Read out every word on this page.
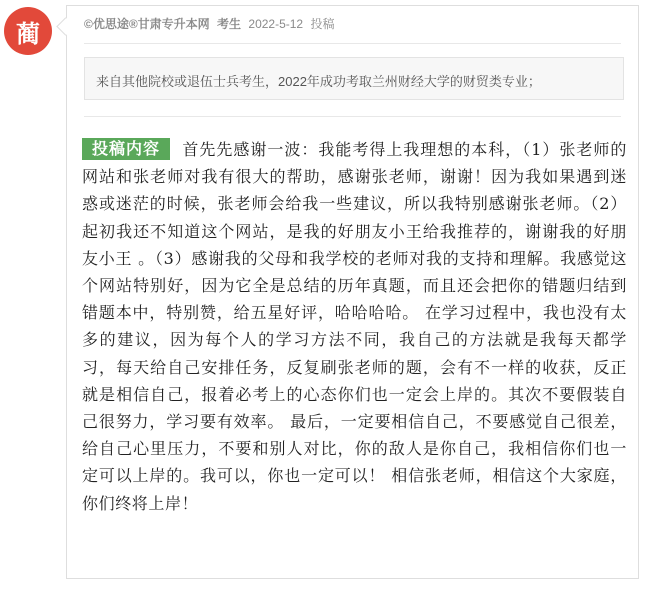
蔺	©优思途®甘肃专升本网 考生 2022-5-12 投稿
来自其他院校或退伍士兵考生，2022年成功考取兰州财经大学的财贸类专业；
投稿内容 首先先感谢一波：我能考得上我理想的本科，（1）张老师的网站和张老师对我有很大的帮助，感谢张老师，谢谢！因为我如果遇到迷惑或迷茫的时候，张老师会给我一些建议，所以我特别感谢张老师。（2）起初我还不知道这个网站，是我的好朋友小王给我推荐的，谢谢我的好朋友小王 。（3）感谢我的父母和我学校的老师对我的支持和理解。我感觉这个网站特别好，因为它全是总结的历年真题，而且还会把你的错题归结到错题本中，特别赞，给五星好评，哈哈哈哈。 在学习过程中，我也没有太多的建议，因为每个人的学习方法不同，我自己的方法就是我每天都学习，每天给自己安排任务，反复刷张老师的题，会有不一样的收获，反正就是相信自己，报着必考上的心态你们也一定会上岸的。其次不要假装自己很努力，学习要有效率。 最后，一定要相信自己，不要感觉自己很差，给自己心里压力，不要和别人对比，你的敌人是你自己，我相信你们也一定可以上岸的。我可以，你也一定可以！ 相信张老师，相信这个大家庭，你们终将上岸！
